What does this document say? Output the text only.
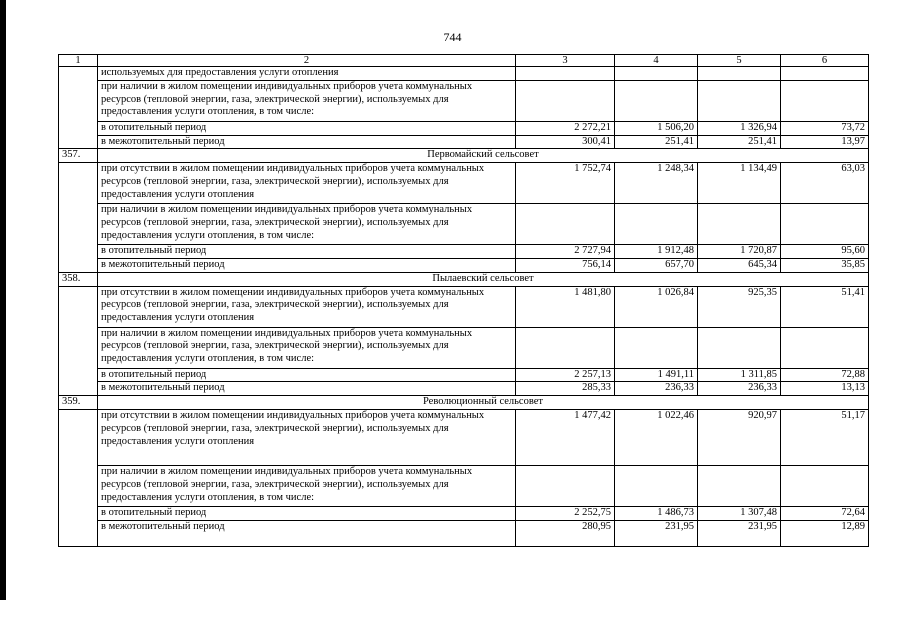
744
1	2	3	4	5	6
	используемых для предоставления услуги отопления				
	при наличии в жилом помещении индивидуальных приборов учета коммунальных ресурсов (тепловой энергии, газа, электрической энергии), используемых для предоставления услуги отопления, в том числе:				
	в отопительный период	2 272,21	1 506,20	1 326,94	73,72
	в межотопительный период	300,41	251,41	251,41	13,97
357.	Первомайский сельсовет				
	при отсутствии в жилом помещении индивидуальных приборов учета коммунальных ресурсов (тепловой энергии, газа, электрической энергии), используемых для предоставления услуги отопления	1 752,74	1 248,34	1 134,49	63,03
	при наличии в жилом помещении индивидуальных приборов учета коммунальных ресурсов (тепловой энергии, газа, электрической энергии), используемых для предоставления услуги отопления, в том числе:				
	в отопительный период	2 727,94	1 912,48	1 720,87	95,60
	в межотопительный период	756,14	657,70	645,34	35,85
358.	Пылаевский сельсовет				
	при отсутствии в жилом помещении индивидуальных приборов учета коммунальных ресурсов (тепловой энергии, газа, электрической энергии), используемых для предоставления услуги отопления	1 481,80	1 026,84	925,35	51,41
	при наличии в жилом помещении индивидуальных приборов учета коммунальных ресурсов (тепловой энергии, газа, электрической энергии), используемых для предоставления услуги отопления, в том числе:				
	в отопительный период	2 257,13	1 491,11	1 311,85	72,88
	в межотопительный период	285,33	236,33	236,33	13,13
359.	Революционный сельсовет				
	при отсутствии в жилом помещении индивидуальных приборов учета коммунальных ресурсов (тепловой энергии, газа, электрической энергии), используемых для предоставления услуги отопления	1 477,42	1 022,46	920,97	51,17
	при наличии в жилом помещении индивидуальных приборов учета коммунальных ресурсов (тепловой энергии, газа, электрической энергии), используемых для предоставления услуги отопления, в том числе:				
	в отопительный период	2 252,75	1 486,73	1 307,48	72,64
	в межотопительный период	280,95	231,95	231,95	12,89
